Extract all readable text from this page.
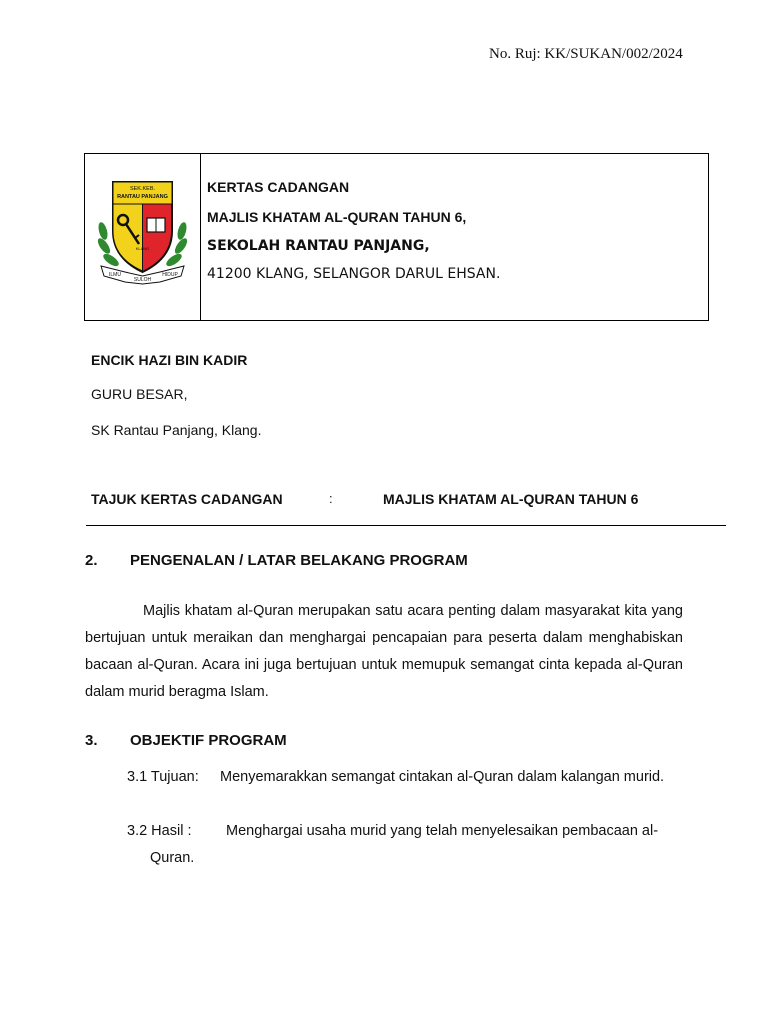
No. Ruj: KK/SUKAN/002/2024
SEK.KEB.
RANTAU PANJANG
KLANG
ILMU
SULOH
HIDUP
KERTAS CADANGAN
MAJLIS KHATAM AL-QURAN TAHUN 6,
SEKOLAH RANTAU PANJANG,
41200 KLANG, SELANGOR DARUL EHSAN.
ENCIK HAZI BIN KADIR
GURU BESAR,
SK Rantau Panjang, Klang.
TAJUK KERTAS CADANGAN	:	MAJLIS KHATAM AL-QURAN TAHUN 6
2. PENGENALAN / LATAR BELAKANG PROGRAM
Majlis khatam al-Quran merupakan satu acara penting dalam masyarakat kita yang bertujuan untuk meraikan dan menghargai pencapaian para peserta dalam menghabiskan bacaan al-Quran. Acara ini juga bertujuan untuk memupuk semangat cinta kepada al-Quran dalam murid beragma Islam.
3. OBJEKTIF PROGRAM
3.1 Tujuan: Menyemarakkan semangat cintakan al-Quran dalam kalangan murid.
3.2 Hasil : Menghargai usaha murid yang telah menyelesaikan pembacaan al-
Quran.
